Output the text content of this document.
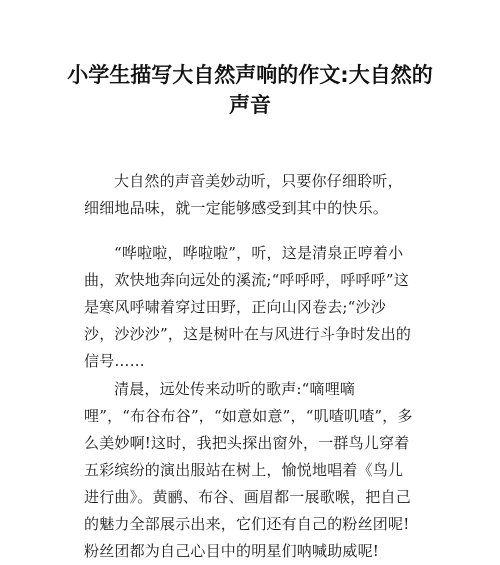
小学生描写大自然声响的作文:大自然的声音

大自然的声音美妙动听，只要你仔细聆听，细细地品味，就一定能够感受到其中的快乐。

“哗啦啦，哗啦啦”，听，这是清泉正哼着小曲，欢快地奔向远处的溪流;“呼呼呼，呼呼呼”这是寒风呼啸着穿过田野，正向山冈卷去;“沙沙沙，沙沙沙”，这是树叶在与风进行斗争时发出的信号……

清晨，远处传来动听的歌声:“嘀哩嘀哩”，“布谷布谷”，“如意如意”，“叽喳叽喳”，多么美妙啊!这时，我把头探出窗外，一群鸟儿穿着五彩缤纷的演出服站在树上，愉悦地唱着《鸟儿进行曲》。黄鹂、布谷、画眉都一展歌喉，把自己的魅力全部展示出来，它们还有自己的粉丝团呢!粉丝团都为自己心目中的明星们呐喊助威呢!
